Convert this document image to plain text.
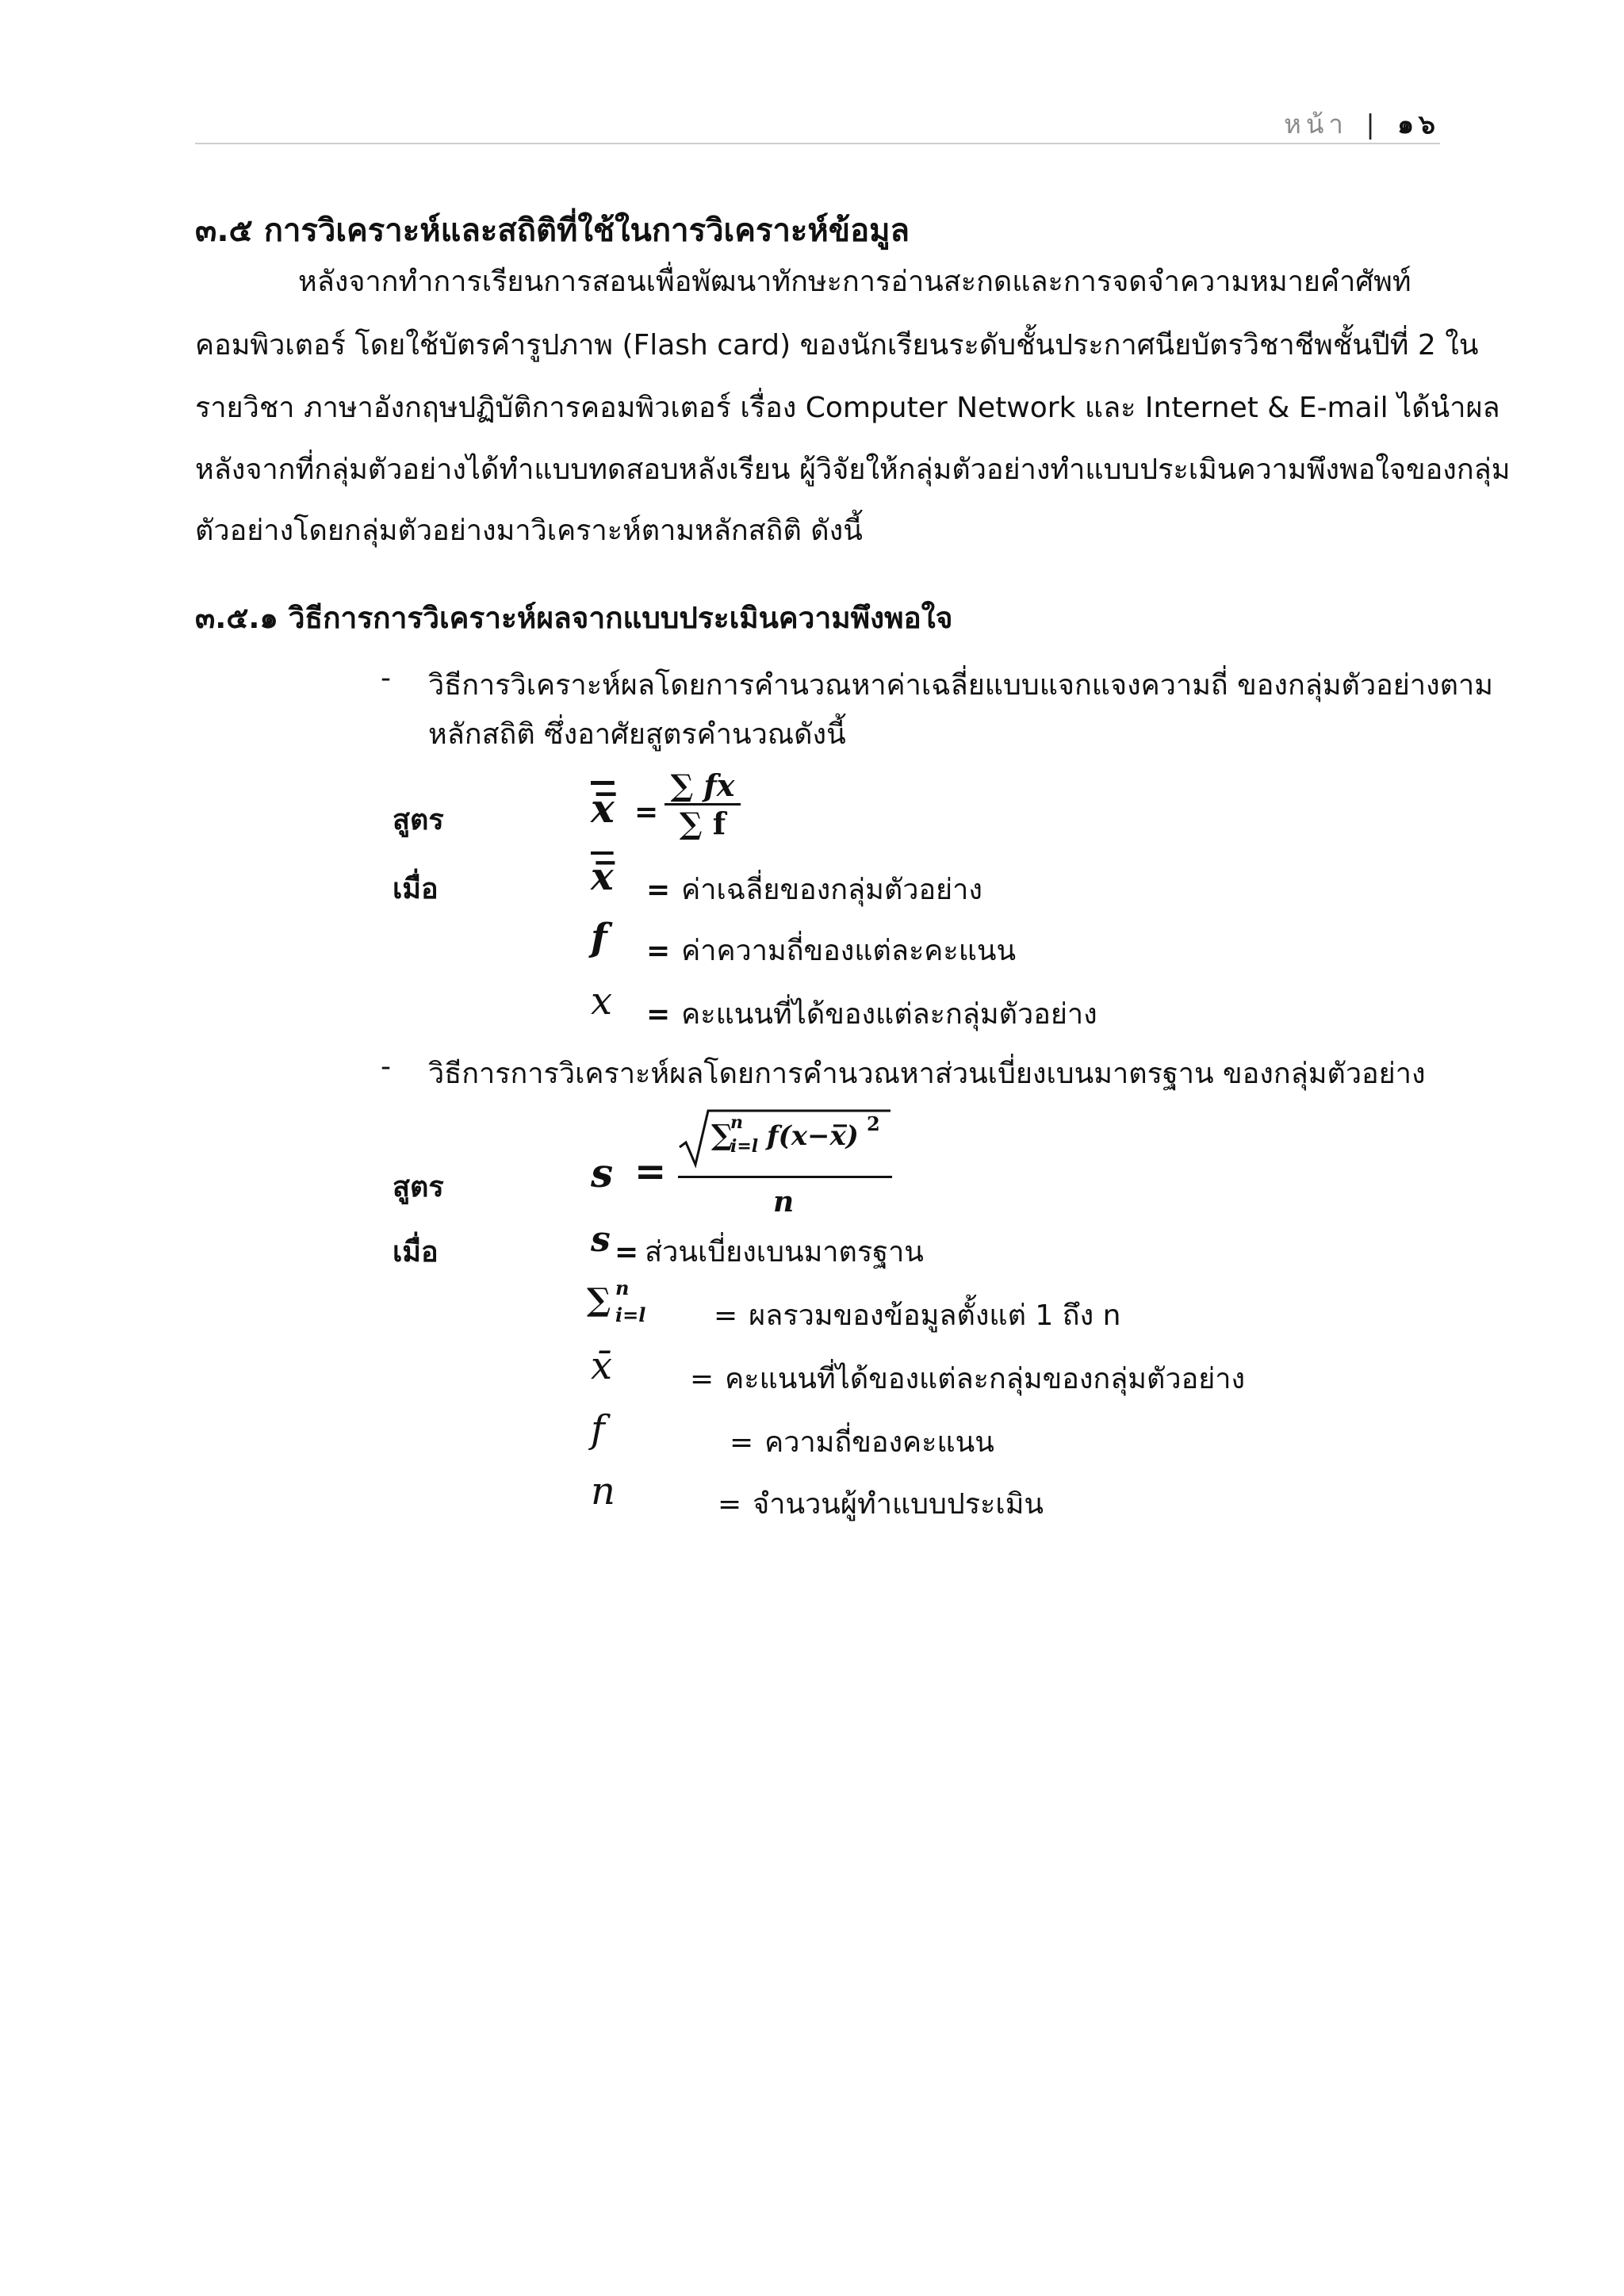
หน้า | ๑๖
๓.๕ การวิเคราะห์และสถิติที่ใช้ในการวิเคราะห์ข้อมูล
หลังจากทำการเรียนการสอนเพื่อพัฒนาทักษะการอ่านสะกดและการจดจำความหมายคำศัพท์
คอมพิวเตอร์ โดยใช้บัตรคำรูปภาพ (Flash card) ของนักเรียนระดับชั้นประกาศนียบัตรวิชาชีพชั้นปีที่ 2 ใน
รายวิชา ภาษาอังกฤษปฏิบัติการคอมพิวเตอร์ เรื่อง Computer Network และ Internet & E-mail ได้นำผล
หลังจากที่กลุ่มตัวอย่างได้ทำแบบทดสอบหลังเรียน ผู้วิจัยให้กลุ่มตัวอย่างทำแบบประเมินความพึงพอใจของกลุ่ม
ตัวอย่างโดยกลุ่มตัวอย่างมาวิเคราะห์ตามหลักสถิติ ดังนี้
๓.๕.๑ วิธีการการวิเคราะห์ผลจากแบบประเมินความพึงพอใจ
- วิธีการวิเคราะห์ผลโดยการคำนวณหาค่าเฉลี่ยแบบแจกแจงความถี่ ของกลุ่มตัวอย่างตาม
หลักสถิติ ซึ่งอาศัยสูตรคำนวณดังนี้
สูตร	x̅ =
∑ fx
∑ f
เมื่อ	x̅ = ค่าเฉลี่ยของกลุ่มตัวอย่าง
f = ค่าความถี่ของแต่ละคะแนน
x = คะแนนที่ได้ของแต่ละกลุ่มตัวอย่าง
- วิธีการการวิเคราะห์ผลโดยการคำนวณหาส่วนเบี่ยงเบนมาตรฐาน ของกลุ่มตัวอย่าง
สูตร	s =
∑
n
i=l f(x−x̅) 2
n
เมื่อ	s = ส่วนเบี่ยงเบนมาตรฐาน
∑ n
i=l = ผลรวมของข้อมูลตั้งแต่ 1 ถึง n
x̄	= คะแนนที่ได้ของแต่ละกลุ่มของกลุ่มตัวอย่าง
f	= ความถี่ของคะแนน
n	= จำนวนผู้ทำแบบประเมิน
